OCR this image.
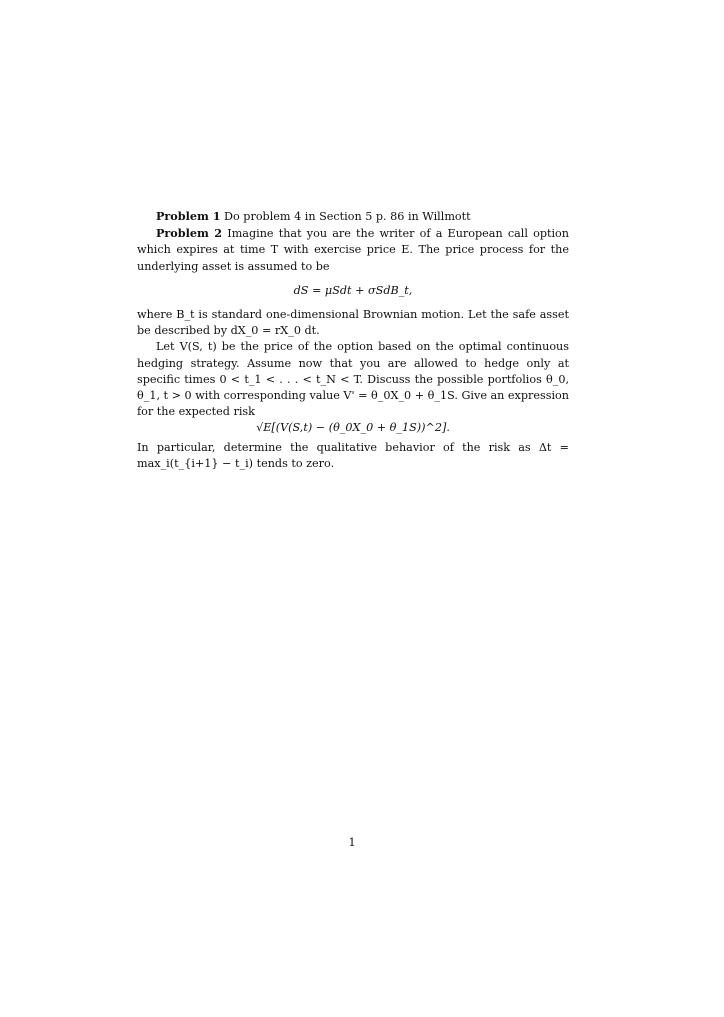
Problem 1 Do problem 4 in Section 5 p. 86 in Willmott

Problem 2 Imagine that you are the writer of a European call option which expires at time T with exercise price E. The price process for the underlying asset is assumed to be

dS = μSdt + σSdB_t,

where B_t is standard one-dimensional Brownian motion. Let the safe asset be described by dX_0 = rX_0 dt.

Let V(S, t) be the price of the option based on the optimal continuous hedging strategy. Assume now that you are allowed to hedge only at specific times 0 < t_1 < . . . < t_N < T. Discuss the possible portfolios θ_0, θ_1, t > 0 with corresponding value V' = θ_0X_0 + θ_1S. Give an expression for the expected risk

√E[(V(S,t) − (θ_0X_0 + θ_1S))^2].

In particular, determine the qualitative behavior of the risk as Δt = max_i(t_{i+1} − t_i) tends to zero.

1
